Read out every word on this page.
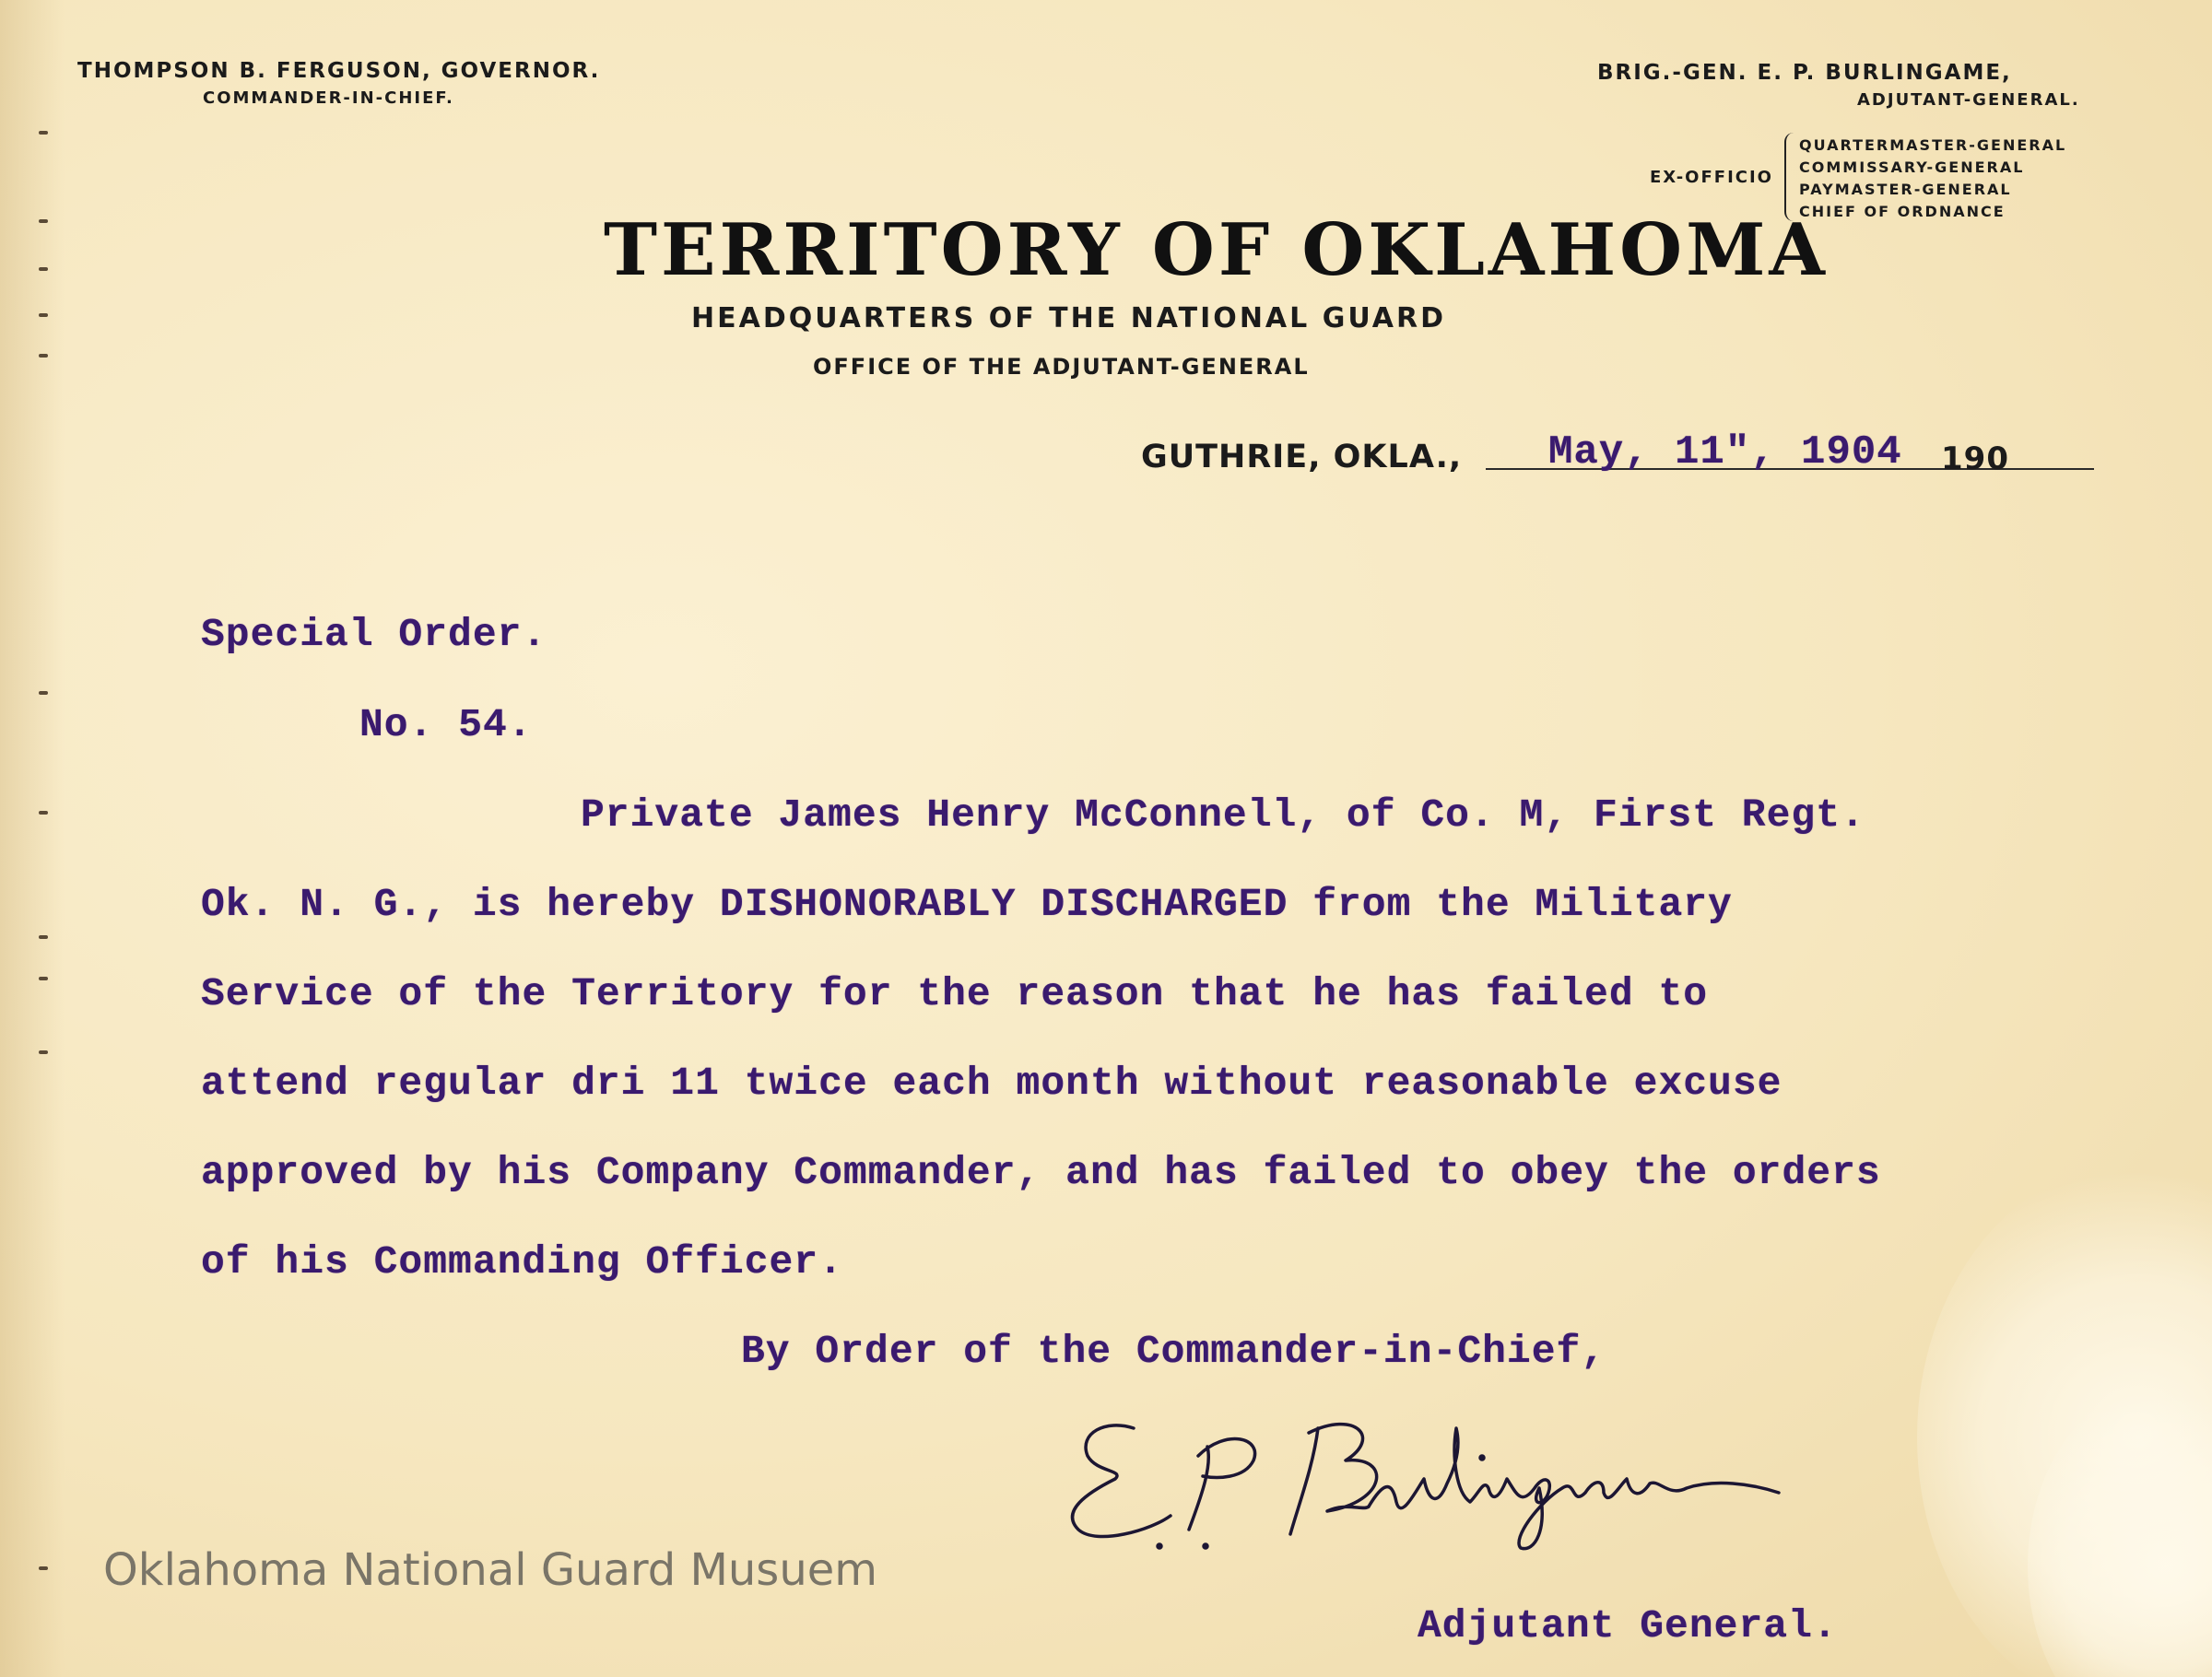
THOMPSON B. FERGUSON, GOVERNOR.
COMMANDER-IN-CHIEF.
BRIG.-GEN. E. P. BURLINGAME,
ADJUTANT-GENERAL.
EX-OFFICIO
QUARTERMASTER-GENERAL
COMMISSARY-GENERAL
PAYMASTER-GENERAL
CHIEF OF ORDNANCE
TERRITORY OF OKLAHOMA
HEADQUARTERS OF THE NATIONAL GUARD
OFFICE OF THE ADJUTANT-GENERAL
GUTHRIE, OKLA., May, 11", 1904 190
Special Order.
No. 54.
Private James Henry McConnell, of Co. M, First Regt.
Ok. N. G., is hereby DISHONORABLY DISCHARGED from the Military
Service of the Territory for the reason that he has failed to
attend regular dri 11 twice each month without reasonable excuse
approved by his Company Commander, and has failed to obey the orders
of his Commanding Officer.
By Order of the Commander-in-Chief,
Adjutant General.
Oklahoma National Guard Musuem
